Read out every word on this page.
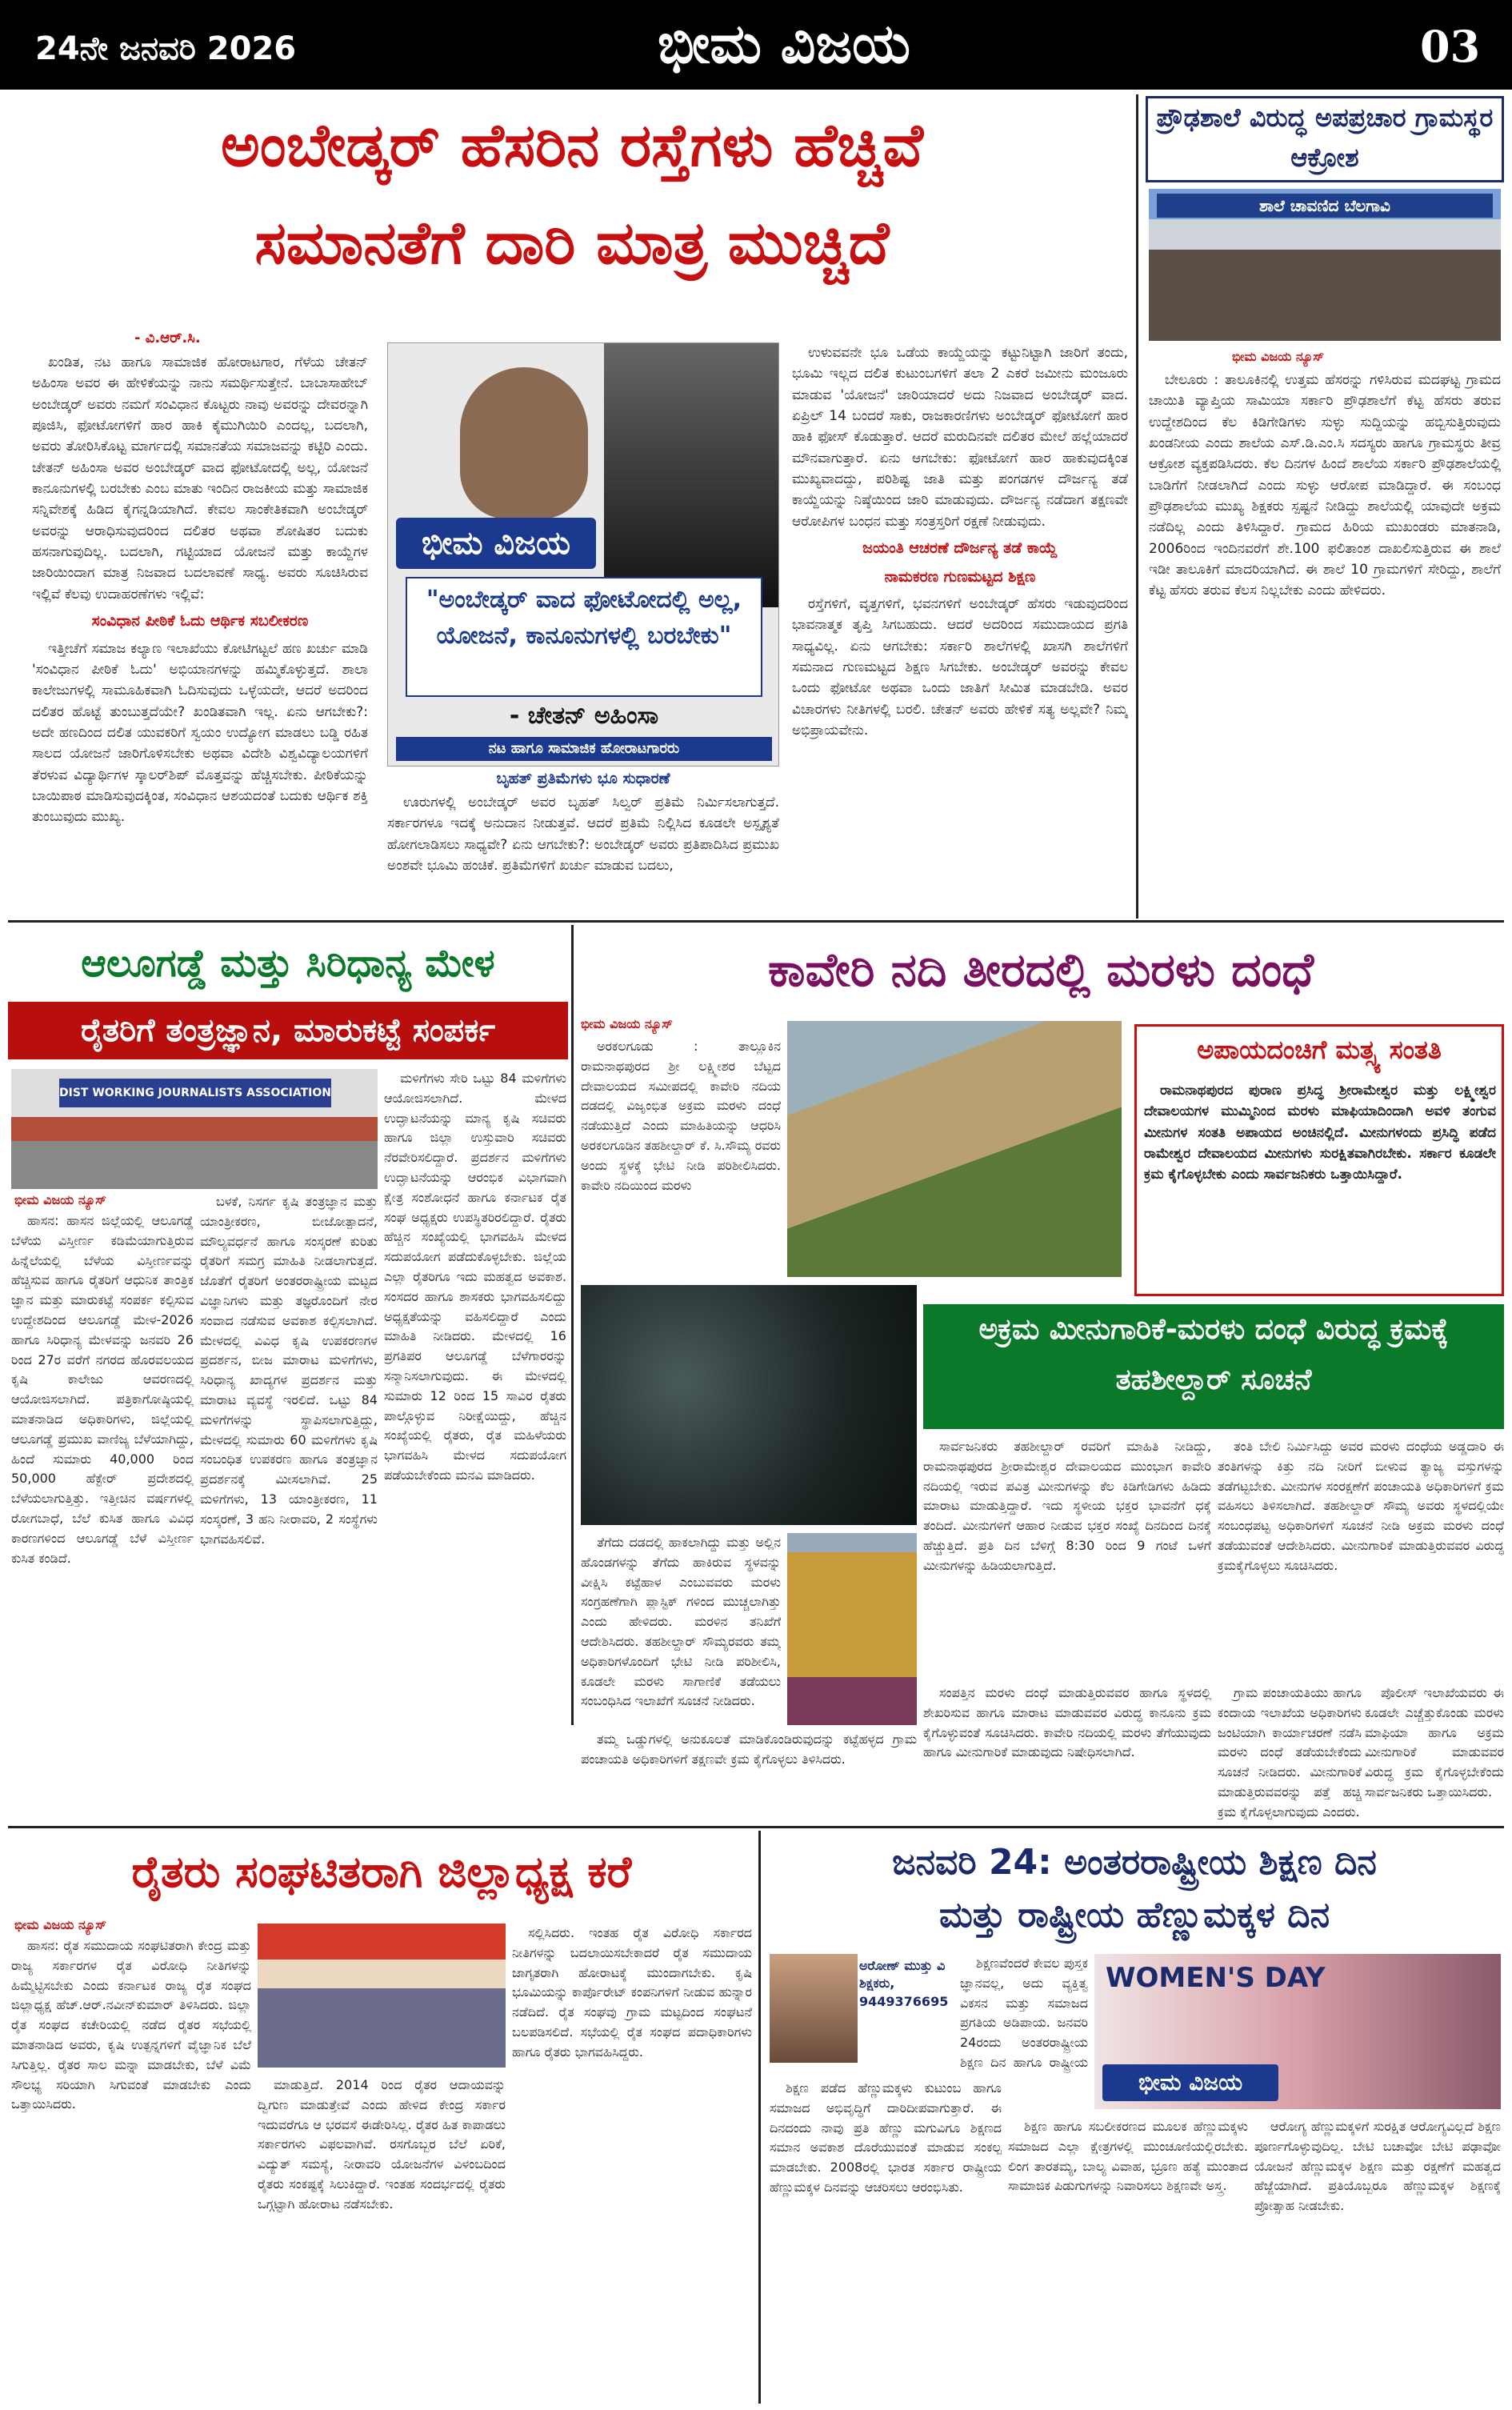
24ನೇ ಜನವರಿ 2026	ಭೀಮ ವಿಜಯ	03
ಅಂಬೇಡ್ಕರ್ ಹೆಸರಿನ ರಸ್ತೆಗಳು ಹೆಚ್ಚಿವೆ
ಸಮಾನತೆಗೆ ದಾರಿ ಮಾತ್ರ ಮುಚ್ಚಿದೆ
- ವಿ.ಆರ್.ಸಿ.

ಖಂಡಿತ, ನಟ ಹಾಗೂ ಸಾಮಾಜಿಕ ಹೋರಾಟಗಾರ, ಗೆಳೆಯ ಚೇತನ್ ಅಹಿಂಸಾ ಅವರ ಈ ಹೇಳಿಕೆಯನ್ನು ನಾನು ಸಮರ್ಥಿಸುತ್ತೇನೆ. ಬಾಬಾಸಾಹೇಬ್ ಅಂಬೇಡ್ಕರ್ ಅವರು ನಮಗೆ ಸಂವಿಧಾನ ಕೊಟ್ಟರು ನಾವು ಅವರನ್ನು ದೇವರನ್ನಾಗಿ ಪೂಜಿಸಿ, ಫೋಟೋಗಳಿಗೆ ಹಾರ ಹಾಕಿ ಕೈಮುಗಿಯಿರಿ ಎಂದಲ್ಲ, ಬದಲಾಗಿ, ಅವರು ತೋರಿಸಿಕೊಟ್ಟ ಮಾರ್ಗದಲ್ಲಿ ಸಮಾನತೆಯ ಸಮಾಜವನ್ನು ಕಟ್ಟಿರಿ ಎಂದು. ಚೇತನ್ ಅಹಿಂಸಾ ಅವರ ಅಂಬೇಡ್ಕರ್ ವಾದ ಫೋಟೋದಲ್ಲಿ ಅಲ್ಲ, ಯೋಜನೆ ಕಾನೂನುಗಳಲ್ಲಿ ಬರಬೇಕು ಎಂಬ ಮಾತು ಇಂದಿನ ರಾಜಕೀಯ ಮತ್ತು ಸಾಮಾಜಿಕ ಸನ್ನಿವೇಶಕ್ಕೆ ಹಿಡಿದ ಕೈಗನ್ನಡಿಯಾಗಿದೆ. ಕೇವಲ ಸಾಂಕೇತಿಕವಾಗಿ ಅಂಬೇಡ್ಕರ್ ಅವರನ್ನು ಆರಾಧಿಸುವುದರಿಂದ ದಲಿತರ ಅಥವಾ ಶೋಷಿತರ ಬದುಕು ಹಸನಾಗುವುದಿಲ್ಲ. ಬದಲಾಗಿ, ಗಟ್ಟಿಯಾದ ಯೋಜನೆ ಮತ್ತು ಕಾಯ್ದೆಗಳ ಜಾರಿಯಿಂದಾಗ ಮಾತ್ರ ನಿಜವಾದ ಬದಲಾವಣೆ ಸಾಧ್ಯ. ಅವರು ಸೂಚಿಸಿರುವ ಇಲ್ಲಿವೆ ಕೆಲವು ಉದಾಹರಣೆಗಳು ಇಲ್ಲಿವೆ:

ಸಂವಿಧಾನ ಪೀಠಿಕೆ ಓದು ಆರ್ಥಿಕ ಸಬಲೀಕರಣ

ಇತ್ತೀಚೆಗೆ ಸಮಾಜ ಕಲ್ಯಾಣ ಇಲಾಖೆಯು ಕೋಟಿಗಟ್ಟಲೆ ಹಣ ಖರ್ಚು ಮಾಡಿ 'ಸಂವಿಧಾನ ಪೀಠಿಕೆ ಓದು' ಅಭಿಯಾನಗಳನ್ನು ಹಮ್ಮಿಕೊಳ್ಳುತ್ತದೆ. ಶಾಲಾ ಕಾಲೇಜುಗಳಲ್ಲಿ ಸಾಮೂಹಿಕವಾಗಿ ಓದಿಸುವುದು ಒಳ್ಳೆಯದೇ, ಆದರೆ ಅದರಿಂದ ದಲಿತರ ಹೊಟ್ಟೆ ತುಂಬುತ್ತದೆಯೇ? ಖಂಡಿತವಾಗಿ ಇಲ್ಲ. ಏನು ಆಗಬೇಕು?: ಅದೇ ಹಣದಿಂದ ದಲಿತ ಯುವಕರಿಗೆ ಸ್ವಯಂ ಉದ್ಯೋಗ ಮಾಡಲು ಬಡ್ಡಿ ರಹಿತ ಸಾಲದ ಯೋಜನೆ ಜಾರಿಗೊಳಿಸಬೇಕು ಅಥವಾ ವಿದೇಶಿ ವಿಶ್ವವಿದ್ಯಾಲಯಗಳಿಗೆ ತೆರಳುವ ವಿದ್ಯಾರ್ಥಿಗಳ ಸ್ಕಾಲರ್‌ಶಿಪ್ ಮೊತ್ತವನ್ನು ಹೆಚ್ಚಿಸಬೇಕು. ಪೀಠಿಕೆಯನ್ನು ಬಾಯಿಪಾಠ ಮಾಡಿಸುವುದಕ್ಕಿಂತ, ಸಂವಿಧಾನ ಆಶಯದಂತೆ ಬದುಕು ಆರ್ಥಿಕ ಶಕ್ತಿ ತುಂಬುವುದು ಮುಖ್ಯ.

ಭೀಮ ವಿಜಯ
"ಅಂಬೇಡ್ಕರ್ ವಾದ ಫೋಟೋದಲ್ಲಿ ಅಲ್ಲ, ಯೋಜನೆ, ಕಾನೂನುಗಳಲ್ಲಿ ಬರಬೇಕು"
- ಚೇತನ್ ಅಹಿಂಸಾ
ನಟ ಹಾಗೂ ಸಾಮಾಜಿಕ ಹೋರಾಟಗಾರರು
ಬೃಹತ್ ಪ್ರತಿಮೆಗಳು ಭೂ ಸುಧಾರಣೆ

ಊರುಗಳಲ್ಲಿ ಅಂಬೇಡ್ಕರ್ ಅವರ ಬೃಹತ್ ಸಿಲ್ವರ್ ಪ್ರತಿಮೆ ನಿರ್ಮಿಸಲಾಗುತ್ತದೆ. ಸರ್ಕಾರಗಳೂ ಇದಕ್ಕೆ ಅನುದಾನ ನೀಡುತ್ತವೆ. ಆದರೆ ಪ್ರತಿಮೆ ನಿಲ್ಲಿಸಿದ ಕೂಡಲೇ ಅಸ್ಪೃಶ್ಯತೆ ಹೋಗಲಾಡಿಸಲು ಸಾಧ್ಯವೇ? ಏನು ಆಗಬೇಕು?: ಅಂಬೇಡ್ಕರ್ ಅವರು ಪ್ರತಿಪಾದಿಸಿದ ಪ್ರಮುಖ ಅಂಶವೇ ಭೂಮಿ ಹಂಚಿಕೆ. ಪ್ರತಿಮೆಗಳಿಗೆ ಖರ್ಚು ಮಾಡುವ ಬದಲು,

ಉಳುವವನೇ ಭೂ ಒಡೆಯ ಕಾಯ್ದೆಯನ್ನು ಕಟ್ಟುನಿಟ್ಟಾಗಿ ಜಾರಿಗೆ ತಂದು, ಭೂಮಿ ಇಲ್ಲದ ದಲಿತ ಕುಟುಂಬಗಳಿಗೆ ತಲಾ 2 ಎಕರೆ ಜಮೀನು ಮಂಜೂರು ಮಾಡುವ 'ಯೋಜನೆ' ಜಾರಿಯಾದರೆ ಅದು ನಿಜವಾದ ಅಂಬೇಡ್ಕರ್ ವಾದ. ಏಪ್ರಿಲ್ 14 ಬಂದರೆ ಸಾಕು, ರಾಜಕಾರಣಿಗಳು ಅಂಬೇಡ್ಕರ್ ಫೋಟೋಗೆ ಹಾರ ಹಾಕಿ ಫೋಸ್ ಕೊಡುತ್ತಾರೆ. ಆದರೆ ಮರುದಿನವೇ ದಲಿತರ ಮೇಲೆ ಹಲ್ಲೆಯಾದರೆ ಮೌನವಾಗುತ್ತಾರೆ. ಏನು ಆಗಬೇಕು: ಫೋಟೋಗೆ ಹಾರ ಹಾಕುವುದಕ್ಕಿಂತ ಮುಖ್ಯವಾದದ್ದು, ಪರಿಶಿಷ್ಟ ಜಾತಿ ಮತ್ತು ಪಂಗಡಗಳ ದೌರ್ಜನ್ಯ ತಡೆ ಕಾಯ್ದೆಯನ್ನು ನಿಷ್ಠೆಯಿಂದ ಜಾರಿ ಮಾಡುವುದು. ದೌರ್ಜನ್ಯ ನಡೆದಾಗ ತಕ್ಷಣವೇ ಆರೋಪಿಗಳ ಬಂಧನ ಮತ್ತು ಸಂತ್ರಸ್ತರಿಗೆ ರಕ್ಷಣೆ ನೀಡುವುದು.

ಜಯಂತಿ ಆಚರಣೆ ದೌರ್ಜನ್ಯ ತಡೆ ಕಾಯ್ದೆ
ನಾಮಕರಣ ಗುಣಮಟ್ಟದ ಶಿಕ್ಷಣ

ರಸ್ತೆಗಳಿಗೆ, ವೃತ್ತಗಳಿಗೆ, ಭವನಗಳಿಗೆ ಅಂಬೇಡ್ಕರ್ ಹೆಸರು ಇಡುವುದರಿಂದ ಭಾವನಾತ್ಮಕ ತೃಪ್ತಿ ಸಿಗಬಹುದು. ಆದರೆ ಅದರಿಂದ ಸಮುದಾಯದ ಪ್ರಗತಿ ಸಾಧ್ಯವಿಲ್ಲ. ಏನು ಆಗಬೇಕು: ಸರ್ಕಾರಿ ಶಾಲೆಗಳಲ್ಲಿ ಖಾಸಗಿ ಶಾಲೆಗಳಿಗೆ ಸಮನಾದ ಗುಣಮಟ್ಟದ ಶಿಕ್ಷಣ ಸಿಗಬೇಕು. ಅಂಬೇಡ್ಕರ್ ಅವರನ್ನು ಕೇವಲ ಒಂದು ಫೋಟೋ ಅಥವಾ ಒಂದು ಜಾತಿಗೆ ಸೀಮಿತ ಮಾಡಬೇಡಿ. ಅವರ ವಿಚಾರಗಳು ನೀತಿಗಳಲ್ಲಿ ಬರಲಿ. ಚೇತನ್ ಅವರು ಹೇಳಿಕೆ ಸತ್ಯ ಅಲ್ಲವೇ? ನಿಮ್ಮ ಅಭಿಪ್ರಾಯವೇನು.

ಪ್ರೌಢಶಾಲೆ ವಿರುದ್ಧ ಅಪಪ್ರಚಾರ ಗ್ರಾಮಸ್ಥರ ಆಕ್ರೋಶ
ಶಾಲೆ ಚಾವಣಿದ ಬೆಲಗಾವಿ
ಭೀಮ ವಿಜಯ ನ್ಯೂಸ್

ಬೇಲೂರು : ತಾಲೂಕಿನಲ್ಲಿ ಉತ್ತಮ ಹೆಸರನ್ನು ಗಳಿಸಿರುವ ಮದಘಟ್ಟ ಗ್ರಾಮದ ಚಾಯಿತಿ ವ್ಯಾಪ್ತಿಯ ಸಾಮಿಯಾ ಸರ್ಕಾರಿ ಪ್ರೌಢಶಾಲೆಗೆ ಕೆಟ್ಟ ಹೆಸರು ತರುವ ಉದ್ದೇಶದಿಂದ ಕೆಲ ಕಿಡಿಗೇಡಿಗಳು ಸುಳ್ಳು ಸುದ್ದಿಯನ್ನು ಹಬ್ಬಿಸುತ್ತಿರುವುದು ಖಂಡನೀಯ ಎಂದು ಶಾಲೆಯ ಎಸ್.ಡಿ.ಎಂ.ಸಿ ಸದಸ್ಯರು ಹಾಗೂ ಗ್ರಾಮಸ್ಥರು ತೀವ್ರ ಆಕ್ರೋಶ ವ್ಯಕ್ತಪಡಿಸಿದರು. ಕೆಲ ದಿನಗಳ ಹಿಂದೆ ಶಾಲೆಯ ಸರ್ಕಾರಿ ಪ್ರೌಢಶಾಲೆಯಲ್ಲಿ ಬಾಡಿಗೆಗೆ ನೀಡಲಾಗಿದೆ ಎಂದು ಸುಳ್ಳು ಆರೋಪ ಮಾಡಿದ್ದಾರೆ. ಈ ಸಂಬಂಧ ಪ್ರೌಢಶಾಲೆಯ ಮುಖ್ಯ ಶಿಕ್ಷಕರು ಸ್ಪಷ್ಟನೆ ನೀಡಿದ್ದು ಶಾಲೆಯಲ್ಲಿ ಯಾವುದೇ ಅಕ್ರಮ ನಡೆದಿಲ್ಲ ಎಂದು ತಿಳಿಸಿದ್ದಾರೆ. ಗ್ರಾಮದ ಹಿರಿಯ ಮುಖಂಡರು ಮಾತನಾಡಿ, 2006ರಿಂದ ಇಂದಿನವರೆಗೆ ಶೇ.100 ಫಲಿತಾಂಶ ದಾಖಲಿಸುತ್ತಿರುವ ಈ ಶಾಲೆ ಇಡೀ ತಾಲೂಕಿಗೆ ಮಾದರಿಯಾಗಿದೆ. ಈ ಶಾಲೆ 10 ಗ್ರಾಮಗಳಿಗೆ ಸೇರಿದ್ದು, ಶಾಲೆಗೆ ಕೆಟ್ಟ ಹೆಸರು ತರುವ ಕೆಲಸ ನಿಲ್ಲಬೇಕು ಎಂದು ಹೇಳಿದರು.

ಆಲೂಗಡ್ಡೆ ಮತ್ತು ಸಿರಿಧಾನ್ಯ ಮೇಳ
ರೈತರಿಗೆ ತಂತ್ರಜ್ಞಾನ, ಮಾರುಕಟ್ಟೆ ಸಂಪರ್ಕ
DIST WORKING JOURNALISTS ASSOCIATION
ಭೀಮ ವಿಜಯ ನ್ಯೂಸ್

ಹಾಸನ: ಹಾಸನ ಜಿಲ್ಲೆಯಲ್ಲಿ ಆಲೂಗಡ್ಡೆ ಬೆಳೆಯ ವಿಸ್ತೀರ್ಣ ಕಡಿಮೆಯಾಗುತ್ತಿರುವ ಹಿನ್ನೆಲೆಯಲ್ಲಿ ಬೆಳೆಯ ವಿಸ್ತೀರ್ಣವನ್ನು ಹೆಚ್ಚಿಸುವ ಹಾಗೂ ರೈತರಿಗೆ ಆಧುನಿಕ ತಾಂತ್ರಿಕ ಜ್ಞಾನ ಮತ್ತು ಮಾರುಕಟ್ಟೆ ಸಂಪರ್ಕ ಕಲ್ಪಿಸುವ ಉದ್ದೇಶದಿಂದ ಆಲೂಗಡ್ಡೆ ಮೇಳ-2026 ಹಾಗೂ ಸಿರಿಧಾನ್ಯ ಮೇಳವನ್ನು ಜನವರಿ 26 ರಿಂದ 27ರ ವರೆಗೆ ನಗರದ ಹೊರವಲಯದ ಕೃಷಿ ಕಾಲೇಜು ಆವರಣದಲ್ಲಿ ಆಯೋಜಿಸಲಾಗಿದೆ. ಪತ್ರಿಕಾಗೋಷ್ಠಿಯಲ್ಲಿ ಮಾತನಾಡಿದ ಅಧಿಕಾರಿಗಳು, ಜಿಲ್ಲೆಯಲ್ಲಿ ಆಲೂಗಡ್ಡೆ ಪ್ರಮುಖ ವಾಣಿಜ್ಯ ಬೆಳೆಯಾಗಿದ್ದು, ಹಿಂದೆ ಸುಮಾರು 40,000 ರಿಂದ 50,000 ಹೆಕ್ಟೇರ್ ಪ್ರದೇಶದಲ್ಲಿ ಬೆಳೆಯಲಾಗುತ್ತಿತ್ತು. ಇತ್ತೀಚಿನ ವರ್ಷಗಳಲ್ಲಿ ರೋಗಬಾಧೆ, ಬೆಲೆ ಕುಸಿತ ಹಾಗೂ ವಿವಿಧ ಕಾರಣಗಳಿಂದ ಆಲೂಗಡ್ಡೆ ಬೆಳೆ ವಿಸ್ತೀರ್ಣ ಕುಸಿತ ಕಂಡಿದೆ.

ಬಳಕೆ, ನಿಸರ್ಗ ಕೃಷಿ ತಂತ್ರಜ್ಞಾನ ಮತ್ತು ಯಾಂತ್ರೀಕರಣ, ಬೀಜೋತ್ಪಾದನೆ, ಮೌಲ್ಯವರ್ಧನೆ ಹಾಗೂ ಸಂಸ್ಕರಣೆ ಕುರಿತು ರೈತರಿಗೆ ಸಮಗ್ರ ಮಾಹಿತಿ ನೀಡಲಾಗುತ್ತದೆ. ಜೊತೆಗೆ ರೈತರಿಗೆ ಅಂತರರಾಷ್ಟ್ರೀಯ ಮಟ್ಟದ ವಿಜ್ಞಾನಿಗಳು ಮತ್ತು ತಜ್ಞರೊಂದಿಗೆ ನೇರ ಸಂವಾದ ನಡೆಸುವ ಅವಕಾಶ ಕಲ್ಪಿಸಲಾಗಿದೆ. ಮೇಳದಲ್ಲಿ ವಿವಿಧ ಕೃಷಿ ಉಪಕರಣಗಳ ಪ್ರದರ್ಶನ, ಬೀಜ ಮಾರಾಟ ಮಳಿಗೆಗಳು, ಸಿರಿಧಾನ್ಯ ಖಾದ್ಯಗಳ ಪ್ರದರ್ಶನ ಮತ್ತು ಮಾರಾಟ ವ್ಯವಸ್ಥೆ ಇರಲಿದೆ. ಒಟ್ಟು 84 ಮಳಿಗೆಗಳನ್ನು ಸ್ಥಾಪಿಸಲಾಗುತ್ತಿದ್ದು, ಮೇಳದಲ್ಲಿ ಸುಮಾರು 60 ಮಳಿಗೆಗಳು ಕೃಷಿ ಸಂಬಂಧಿತ ಉಪಕರಣ ಹಾಗೂ ತಂತ್ರಜ್ಞಾನ ಪ್ರದರ್ಶನಕ್ಕೆ ಮೀಸಲಾಗಿವೆ. 25 ಮಳಿಗೆಗಳು, 13 ಯಾಂತ್ರೀಕರಣ, 11 ಸಂಸ್ಕರಣೆ, 3 ಹನಿ ನೀರಾವರಿ, 2 ಸಂಸ್ಥೆಗಳು ಭಾಗವಹಿಸಲಿವೆ.

ಮಳಿಗೆಗಳು ಸೇರಿ ಒಟ್ಟು 84 ಮಳಿಗೆಗಳು ಆಯೋಜಿಸಲಾಗಿದೆ. ಮೇಳದ ಉದ್ಘಾಟನೆಯನ್ನು ಮಾನ್ಯ ಕೃಷಿ ಸಚಿವರು ಹಾಗೂ ಜಿಲ್ಲಾ ಉಸ್ತುವಾರಿ ಸಚಿವರು ನೆರವೇರಿಸಲಿದ್ದಾರೆ. ಪ್ರದರ್ಶನ ಮಳಿಗೆಗಳು ಉದ್ಘಾಟನೆಯನ್ನು ಆರಂಭಿಕ ವಿಭಾಗವಾಗಿ ಕ್ಷೇತ್ರ ಸಂಶೋಧನೆ ಹಾಗೂ ಕರ್ನಾಟಕ ರೈತ ಸಂಘ ಅಧ್ಯಕ್ಷರು ಉಪಸ್ಥಿತರಿರಲಿದ್ದಾರೆ. ರೈತರು ಹೆಚ್ಚಿನ ಸಂಖ್ಯೆಯಲ್ಲಿ ಭಾಗವಹಿಸಿ ಮೇಳದ ಸದುಪಯೋಗ ಪಡೆದುಕೊಳ್ಳಬೇಕು. ಜಿಲ್ಲೆಯ ಎಲ್ಲಾ ರೈತರಿಗೂ ಇದು ಮಹತ್ವದ ಅವಕಾಶ. ಸಂಸದರ ಹಾಗೂ ಶಾಸಕರು ಭಾಗವಹಿಸಲಿದ್ದು ಅಧ್ಯಕ್ಷತೆಯನ್ನು ವಹಿಸಲಿದ್ದಾರೆ ಎಂದು ಮಾಹಿತಿ ನೀಡಿದರು. ಮೇಳದಲ್ಲಿ 16 ಪ್ರಗತಿಪರ ಆಲೂಗಡ್ಡೆ ಬೆಳೆಗಾರರನ್ನು ಸನ್ಮಾನಿಸಲಾಗುವುದು. ಈ ಮೇಳದಲ್ಲಿ ಸುಮಾರು 12 ರಿಂದ 15 ಸಾವಿರ ರೈತರು ಪಾಲ್ಗೊಳ್ಳುವ ನಿರೀಕ್ಷೆಯಿದ್ದು, ಹೆಚ್ಚಿನ ಸಂಖ್ಯೆಯಲ್ಲಿ ರೈತರು, ರೈತ ಮಹಿಳೆಯರು ಭಾಗವಹಿಸಿ ಮೇಳದ ಸದುಪಯೋಗ ಪಡೆಯಬೇಕೆಂದು ಮನವಿ ಮಾಡಿದರು.

ಕಾವೇರಿ ನದಿ ತೀರದಲ್ಲಿ ಮರಳು ದಂಧೆ
ಭೀಮ ವಿಜಯ ನ್ಯೂಸ್

ಅರಕಲಗೂಡು : ತಾಲ್ಲೂಕಿನ ರಾಮನಾಥಪುರದ ಶ್ರೀ ಲಕ್ಷ್ಮೀಶರ ಬೆಟ್ಟದ ದೇವಾಲಯದ ಸಮೀಪದಲ್ಲಿ ಕಾವೇರಿ ನದಿಯ ದಡದಲ್ಲಿ ವಿಜೃಂಭಿತ ಅಕ್ರಮ ಮರಳು ದಂಧೆ ನಡೆಯುತ್ತಿದೆ ಎಂದು ಮಾಹಿತಿಯನ್ನು ಆಧರಿಸಿ ಅರಕಲಗೂಡಿನ ತಹಶೀಲ್ದಾರ್ ಕೆ. ಸಿ.ಸೌಮ್ಯ ರವರು ಅಂದು ಸ್ಥಳಕ್ಕೆ ಭೇಟಿ ನೀಡಿ ಪರಿಶೀಲಿಸಿದರು. ಕಾವೇರಿ ನದಿಯಿಂದ ಮರಳು

ಅಪಾಯದಂಚಿಗೆ ಮತ್ಸ್ಯ ಸಂತತಿ

ರಾಮನಾಥಪುರದ ಪುರಾಣ ಪ್ರಸಿದ್ಧ ಶ್ರೀರಾಮೇಶ್ವರ ಮತ್ತು ಲಕ್ಷ್ಮೀಶ್ವರ ದೇವಾಲಯಗಳ ಮುಮ್ಮಿನಿಂದ ಮರಳು ಮಾಫಿಯಾದಿಂದಾಗಿ ಅವಳಿ ತಂಗುವ ಮೀನುಗಳ ಸಂತತಿ ಅಪಾಯದ ಅಂಚಿನಲ್ಲಿದೆ. ಮೀನುಗಳಂದು ಪ್ರಸಿದ್ಧಿ ಪಡೆದ ರಾಮೇಶ್ವರ ದೇವಾಲಯದ ಮೀನುಗಳು ಸುರಕ್ಷಿತವಾಗಿರಬೇಕು. ಸರ್ಕಾರ ಕೂಡಲೇ ಕ್ರಮ ಕೈಗೊಳ್ಳಬೇಕು ಎಂದು ಸಾರ್ವಜನಿಕರು ಒತ್ತಾಯಿಸಿದ್ದಾರೆ.

ಅಕ್ರಮ ಮೀನುಗಾರಿಕೆ-ಮರಳು ದಂಧೆ ವಿರುದ್ಧ ಕ್ರಮಕ್ಕೆ ತಹಶೀಲ್ದಾರ್ ಸೂಚನೆ

ಸಾರ್ವಜನಿಕರು ತಹಶೀಲ್ದಾರ್ ರವರಿಗೆ ಮಾಹಿತಿ ನೀಡಿದ್ದು, ರಾಮನಾಥಪುರದ ಶ್ರೀರಾಮೇಶ್ವರ ದೇವಾಲಯದ ಮುಂಭಾಗ ಕಾವೇರಿ ನದಿಯಲ್ಲಿ ಇರುವ ಪವಿತ್ರ ಮೀನುಗಳನ್ನು ಕೆಲ ಕಿಡಿಗೇಡಿಗಳು ಹಿಡಿದು ಮಾರಾಟ ಮಾಡುತ್ತಿದ್ದಾರೆ. ಇದು ಸ್ಥಳೀಯ ಭಕ್ತರ ಭಾವನೆಗೆ ಧಕ್ಕೆ ತಂದಿದೆ. ಮೀನುಗಳಿಗೆ ಆಹಾರ ನೀಡುವ ಭಕ್ತರ ಸಂಖ್ಯೆ ದಿನದಿಂದ ದಿನಕ್ಕೆ ಹೆಚ್ಚುತ್ತಿದೆ. ಪ್ರತಿ ದಿನ ಬೆಳಿಗ್ಗೆ 8:30 ರಿಂದ 9 ಗಂಟೆ ಒಳಗೆ ಮೀನುಗಳನ್ನು ಹಿಡಿಯಲಾಗುತ್ತಿದೆ.

ತಂತಿ ಬೇಲಿ ನಿರ್ಮಿಸಿದ್ದು ಅವರ ಮರಳು ದಂಧೆಯ ಅಡ್ಡದಾರಿ ಈ ತಂತಿಗಳನ್ನು ಕಿತ್ತು ನದಿ ನೀರಿಗೆ ಬೀಳುವ ತ್ಯಾಜ್ಯ ವಸ್ತುಗಳನ್ನು ತಡೆಗಟ್ಟಬೇಕು. ಮೀನುಗಳ ಸಂರಕ್ಷಣೆಗೆ ಪಂಚಾಯತಿ ಅಧಿಕಾರಿಗಳಿಗೆ ಕ್ರಮ ವಹಿಸಲು ತಿಳಿಸಲಾಗಿದೆ. ತಹಶೀಲ್ದಾರ್ ಸೌಮ್ಯ ಅವರು ಸ್ಥಳದಲ್ಲಿಯೇ ಸಂಬಂಧಪಟ್ಟ ಅಧಿಕಾರಿಗಳಿಗೆ ಸೂಚನೆ ನೀಡಿ ಅಕ್ರಮ ಮರಳು ದಂಧೆ ತಡೆಯುವಂತೆ ಆದೇಶಿಸಿದರು. ಮೀನುಗಾರಿಕೆ ಮಾಡುತ್ತಿರುವವರ ವಿರುದ್ಧ ಕ್ರಮಕೈಗೊಳ್ಳಲು ಸೂಚಿಸಿದರು.

ತೆಗೆದು ದಡದಲ್ಲಿ ಹಾಕಲಾಗಿದ್ದು ಮತ್ತು ಅಲ್ಲಿನ ಹೊಂಡಗಳನ್ನು ತೆಗೆದು ಹಾಕಿರುವ ಸ್ಥಳವನ್ನು ವೀಕ್ಷಿಸಿ ಕಟ್ಟೆಹಾಳ ಎಂಬುವವರು ಮರಳು ಸಂಗ್ರಹಣೆಗಾಗಿ ಪ್ಲಾಸ್ಟಿಕ್ ಗಳಿಂದ ಮುಚ್ಚಲಾಗಿತ್ತು ಎಂದು ಹೇಳಿದರು. ಮರಳಿನ ತನಿಖೆಗೆ ಆದೇಶಿಸಿದರು. ತಹಶೀಲ್ದಾರ್ ಸೌಮ್ಯರವರು ತಮ್ಮ ಅಧಿಕಾರಿಗಳೊಂದಿಗೆ ಭೇಟಿ ನೀಡಿ ಪರಿಶೀಲಿಸಿ, ಕೂಡಲೇ ಮರಳು ಸಾಗಾಣಿಕೆ ತಡೆಯಲು ಸಂಬಂಧಿಸಿದ ಇಲಾಖೆಗೆ ಸೂಚನೆ ನೀಡಿದರು.

ಸಂಪತ್ತಿನ ಮರಳು ದಂಧೆ ಮಾಡುತ್ತಿರುವವರ ಹಾಗೂ ಸ್ಥಳದಲ್ಲಿ ಶೇಖರಿಸುವ ಹಾಗೂ ಮಾರಾಟ ಮಾಡುವವರ ವಿರುದ್ಧ ಕಾನೂನು ಕ್ರಮ ಕೈಗೊಳ್ಳುವಂತೆ ಸೂಚಿಸಿದರು. ಕಾವೇರಿ ನದಿಯಲ್ಲಿ ಮರಳು ತೆಗೆಯುವುದು ಹಾಗೂ ಮೀನುಗಾರಿಕೆ ಮಾಡುವುದು ನಿಷೇಧಿಸಲಾಗಿದೆ.

ಗ್ರಾಮ ಪಂಚಾಯತಿಯು ಹಾಗೂ ಕಂದಾಯ ಇಲಾಖೆಯ ಅಧಿಕಾರಿಗಳು ಜಂಟಿಯಾಗಿ ಕಾರ್ಯಾಚರಣೆ ನಡೆಸಿ ಮರಳು ದಂಧೆ ತಡೆಯಬೇಕೆಂದು ಸೂಚನೆ ನೀಡಿದರು. ಮೀನುಗಾರಿಕೆ ಮಾಡುತ್ತಿರುವವರನ್ನು ಪತ್ತೆ ಹಚ್ಚಿ ಕ್ರಮ ಕೈಗೊಳ್ಳಲಾಗುವುದು ಎಂದರು.

ಪೊಲೀಸ್ ಇಲಾಖೆಯವರು ಈ ಕೂಡಲೇ ಎಚ್ಚೆತ್ತುಕೊಂಡು ಮರಳು ಮಾಫಿಯಾ ಹಾಗೂ ಅಕ್ರಮ ಮೀನುಗಾರಿಕೆ ಮಾಡುವವರ ವಿರುದ್ಧ ಕ್ರಮ ಕೈಗೊಳ್ಳಬೇಕೆಂದು ಸಾರ್ವಜನಿಕರು ಒತ್ತಾಯಿಸಿದರು.

ತಮ್ಮ ಒಡ್ಡುಗಳಲ್ಲಿ ಅನುಕೂಲತೆ ಮಾಡಿಕೊಂಡಿರುವುದನ್ನು ಕಟ್ಟೆಹಳ್ಳದ ಗ್ರಾಮ ಪಂಚಾಯತಿ ಅಧಿಕಾರಿಗಳಿಗೆ ತಕ್ಷಣವೇ ಕ್ರಮ ಕೈಗೊಳ್ಳಲು ತಿಳಿಸಿದರು.

ರೈತರು ಸಂಘಟಿತರಾಗಿ ಜಿಲ್ಲಾಧ್ಯಕ್ಷ ಕರೆ
ಭೀಮ ವಿಜಯ ನ್ಯೂಸ್

ಹಾಸನ: ರೈತ ಸಮುದಾಯ ಸಂಘಟಿತರಾಗಿ ಕೇಂದ್ರ ಮತ್ತು ರಾಜ್ಯ ಸರ್ಕಾರಗಳ ರೈತ ವಿರೋಧಿ ನೀತಿಗಳನ್ನು ಹಿಮ್ಮೆಟ್ಟಿಸಬೇಕು ಎಂದು ಕರ್ನಾಟಕ ರಾಜ್ಯ ರೈತ ಸಂಘದ ಜಿಲ್ಲಾಧ್ಯಕ್ಷ ಹೆಚ್.ಆರ್.ನವೀನ್‌ಕುಮಾರ್ ತಿಳಿಸಿದರು. ಜಿಲ್ಲಾ ರೈತ ಸಂಘದ ಕಚೇರಿಯಲ್ಲಿ ನಡೆದ ರೈತರ ಸಭೆಯಲ್ಲಿ ಮಾತನಾಡಿದ ಅವರು, ಕೃಷಿ ಉತ್ಪನ್ನಗಳಿಗೆ ವೈಜ್ಞಾನಿಕ ಬೆಲೆ ಸಿಗುತ್ತಿಲ್ಲ. ರೈತರ ಸಾಲ ಮನ್ನಾ ಮಾಡಬೇಕು, ಬೆಳೆ ವಿಮೆ ಸೌಲಭ್ಯ ಸರಿಯಾಗಿ ಸಿಗುವಂತೆ ಮಾಡಬೇಕು ಎಂದು ಒತ್ತಾಯಿಸಿದರು.

ಮಾಡುತ್ತಿದೆ. 2014 ರಿಂದ ರೈತರ ಆದಾಯವನ್ನು ದ್ವಿಗುಣ ಮಾಡುತ್ತೇವೆ ಎಂದು ಹೇಳಿದ ಕೇಂದ್ರ ಸರ್ಕಾರ ಇದುವರೆಗೂ ಆ ಭರವಸೆ ಈಡೇರಿಸಿಲ್ಲ. ರೈತರ ಹಿತ ಕಾಪಾಡಲು ಸರ್ಕಾರಗಳು ವಿಫಲವಾಗಿವೆ. ರಸಗೊಬ್ಬರ ಬೆಲೆ ಏರಿಕೆ, ವಿದ್ಯುತ್ ಸಮಸ್ಯೆ, ನೀರಾವರಿ ಯೋಜನೆಗಳ ವಿಳಂಬದಿಂದ ರೈತರು ಸಂಕಷ್ಟಕ್ಕೆ ಸಿಲುಕಿದ್ದಾರೆ. ಇಂತಹ ಸಂದರ್ಭದಲ್ಲಿ ರೈತರು ಒಗ್ಗಟ್ಟಾಗಿ ಹೋರಾಟ ನಡೆಸಬೇಕು.

ಸಲ್ಲಿಸಿದರು. ಇಂತಹ ರೈತ ವಿರೋಧಿ ಸರ್ಕಾರದ ನೀತಿಗಳನ್ನು ಬದಲಾಯಿಸಬೇಕಾದರೆ ರೈತ ಸಮುದಾಯ ಜಾಗೃತರಾಗಿ ಹೋರಾಟಕ್ಕೆ ಮುಂದಾಗಬೇಕು. ಕೃಷಿ ಭೂಮಿಯನ್ನು ಕಾರ್ಪೊರೇಟ್ ಕಂಪನಿಗಳಿಗೆ ನೀಡುವ ಹುನ್ನಾರ ನಡೆದಿದೆ. ರೈತ ಸಂಘವು ಗ್ರಾಮ ಮಟ್ಟದಿಂದ ಸಂಘಟನೆ ಬಲಪಡಿಸಲಿದೆ. ಸಭೆಯಲ್ಲಿ ರೈತ ಸಂಘದ ಪದಾಧಿಕಾರಿಗಳು ಹಾಗೂ ರೈತರು ಭಾಗವಹಿಸಿದ್ದರು.

ಜನವರಿ 24: ಅಂತರರಾಷ್ಟ್ರೀಯ ಶಿಕ್ಷಣ ದಿನ
ಮತ್ತು ರಾಷ್ಟ್ರೀಯ ಹೆಣ್ಣುಮಕ್ಕಳ ದಿನ
ಅರೋಣ್ ಮುತ್ತು ವಿ ಶಿಕ್ಷಕರು, 9449376695

ಶಿಕ್ಷಣವೆಂದರೆ ಕೇವಲ ಪುಸ್ತಕ ಜ್ಞಾನವಲ್ಲ, ಅದು ವ್ಯಕ್ತಿತ್ವ ವಿಕಸನ ಮತ್ತು ಸಮಾಜದ ಪ್ರಗತಿಯ ಅಡಿಪಾಯ. ಜನವರಿ 24ರಂದು ಅಂತರರಾಷ್ಟ್ರೀಯ ಶಿಕ್ಷಣ ದಿನ ಹಾಗೂ ರಾಷ್ಟ್ರೀಯ

WOMEN'S DAY
ಭೀಮ ವಿಜಯ

ಶಿಕ್ಷಣ ಪಡೆದ ಹೆಣ್ಣುಮಕ್ಕಳು ಕುಟುಂಬ ಹಾಗೂ ಸಮಾಜದ ಅಭಿವೃದ್ಧಿಗೆ ದಾರಿದೀಪವಾಗುತ್ತಾರೆ. ಈ ದಿನದಂದು ನಾವು ಪ್ರತಿ ಹೆಣ್ಣು ಮಗುವಿಗೂ ಶಿಕ್ಷಣದ ಸಮಾನ ಅವಕಾಶ ದೊರೆಯುವಂತೆ ಮಾಡುವ ಸಂಕಲ್ಪ ಮಾಡಬೇಕು. 2008ರಲ್ಲಿ ಭಾರತ ಸರ್ಕಾರ ರಾಷ್ಟ್ರೀಯ ಹೆಣ್ಣುಮಕ್ಕಳ ದಿನವನ್ನು ಆಚರಿಸಲು ಆರಂಭಿಸಿತು.

ಶಿಕ್ಷಣ ಹಾಗೂ ಸಬಲೀಕರಣದ ಮೂಲಕ ಹೆಣ್ಣುಮಕ್ಕಳು ಸಮಾಜದ ಎಲ್ಲಾ ಕ್ಷೇತ್ರಗಳಲ್ಲಿ ಮುಂಚೂಣಿಯಲ್ಲಿರಬೇಕು. ಲಿಂಗ ತಾರತಮ್ಯ, ಬಾಲ್ಯ ವಿವಾಹ, ಭ್ರೂಣ ಹತ್ಯೆ ಮುಂತಾದ ಸಾಮಾಜಿಕ ಪಿಡುಗುಗಳನ್ನು ನಿವಾರಿಸಲು ಶಿಕ್ಷಣವೇ ಅಸ್ತ್ರ.

ಆರೋಗ್ಯ ಹೆಣ್ಣುಮಕ್ಕಳಿಗೆ ಸುರಕ್ಷಿತ ಆರೋಗ್ಯವಿಲ್ಲದೆ ಶಿಕ್ಷಣ ಪೂರ್ಣಗೊಳ್ಳುವುದಿಲ್ಲ. ಬೇಟಿ ಬಚಾವೋ ಬೇಟಿ ಪಢಾವೋ ಯೋಜನೆ ಹೆಣ್ಣುಮಕ್ಕಳ ಶಿಕ್ಷಣ ಮತ್ತು ರಕ್ಷಣೆಗೆ ಮಹತ್ವದ ಹೆಜ್ಜೆಯಾಗಿದೆ. ಪ್ರತಿಯೊಬ್ಬರೂ ಹೆಣ್ಣುಮಕ್ಕಳ ಶಿಕ್ಷಣಕ್ಕೆ ಪ್ರೋತ್ಸಾಹ ನೀಡಬೇಕು.
